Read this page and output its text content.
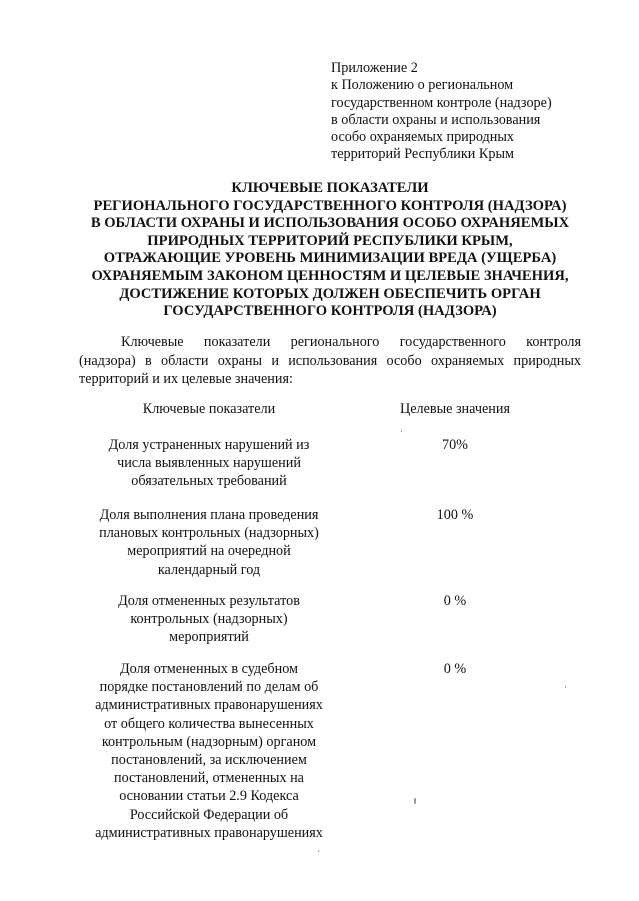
Приложение 2
к Положению о региональном
государственном контроле (надзоре)
в области охраны и использования
особо охраняемых природных
территорий Республики Крым
КЛЮЧЕВЫЕ ПОКАЗАТЕЛИ
РЕГИОНАЛЬНОГО ГОСУДАРСТВЕННОГО КОНТРОЛЯ (НАДЗОРА)
В ОБЛАСТИ ОХРАНЫ И ИСПОЛЬЗОВАНИЯ ОСОБО ОХРАНЯЕМЫХ
ПРИРОДНЫХ ТЕРРИТОРИЙ РЕСПУБЛИКИ КРЫМ,
ОТРАЖАЮЩИЕ УРОВЕНЬ МИНИМИЗАЦИИ ВРЕДА (УЩЕРБА)
ОХРАНЯЕМЫМ ЗАКОНОМ ЦЕННОСТЯМ И ЦЕЛЕВЫЕ ЗНАЧЕНИЯ,
ДОСТИЖЕНИЕ КОТОРЫХ ДОЛЖЕН ОБЕСПЕЧИТЬ ОРГАН
ГОСУДАРСТВЕННОГО КОНТРОЛЯ (НАДЗОРА)
Ключевые показатели регионального государственного контроля
(надзора) в области охраны и использования особо охраняемых природных
территорий и их целевые значения:
Ключевые показатели	Целевые значения
Доля устраненных нарушений из
числа выявленных нарушений
обязательных требований
70%
Доля выполнения плана проведения
плановых контрольных (надзорных)
мероприятий на очередной
календарный год
100 %
Доля отмененных результатов
контрольных (надзорных)
мероприятий
0 %
Доля отмененных в судебном
порядке постановлений по делам об
административных правонарушениях
от общего количества вынесенных
контрольным (надзорным) органом
постановлений, за исключением
постановлений, отмененных на
основании статьи 2.9 Кодекса
Российской Федерации об
административных правонарушениях
0 %
